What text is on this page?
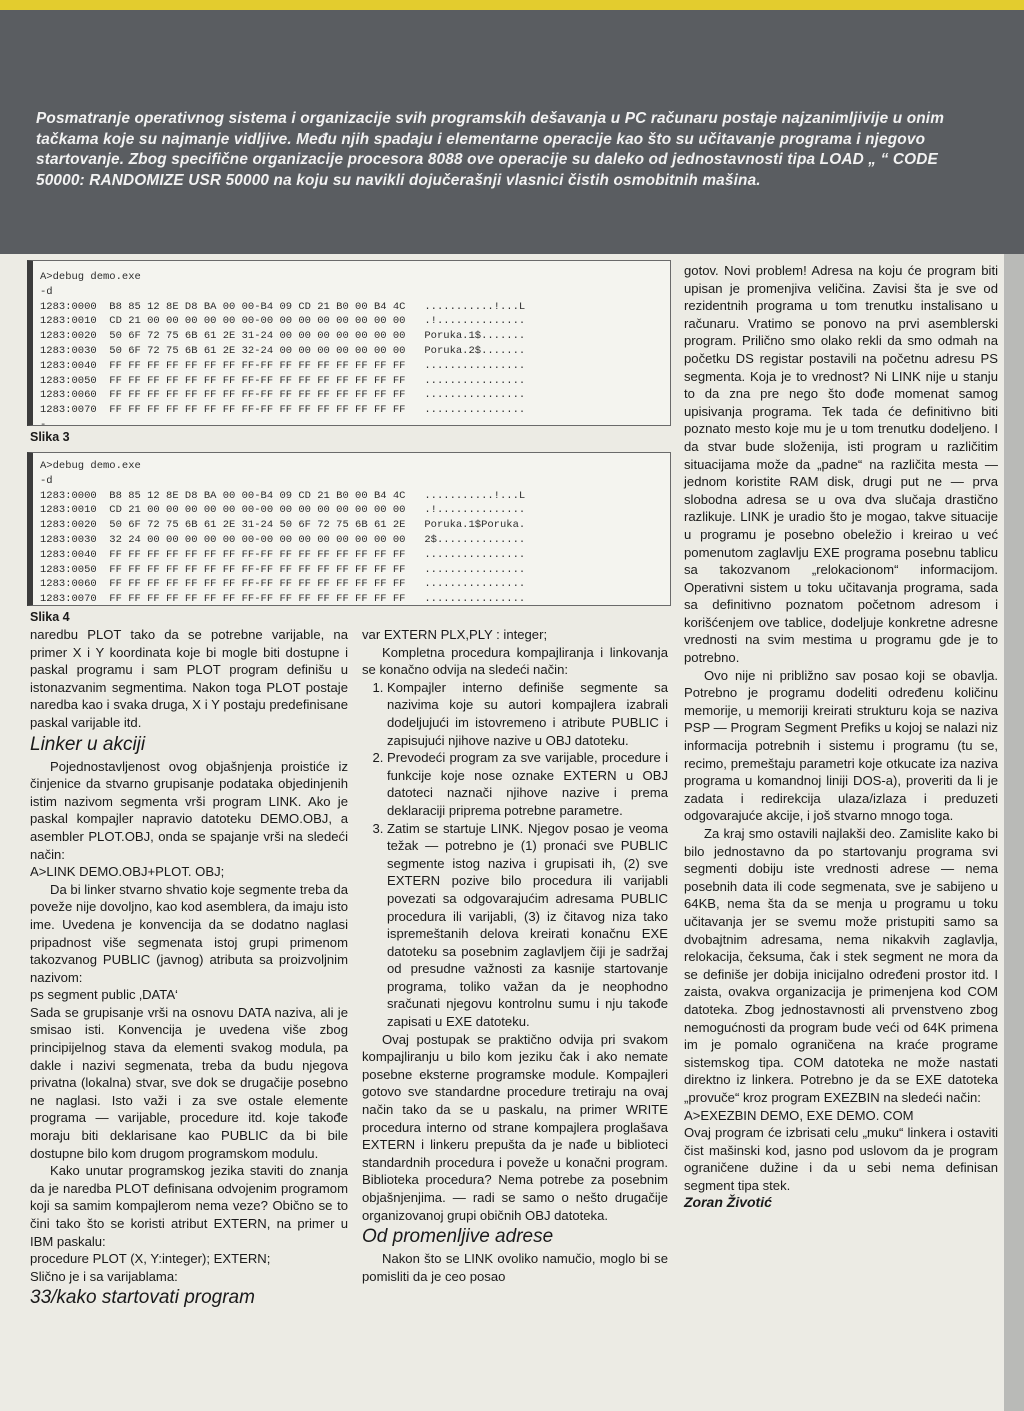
Posmatranje operativnog sistema i organizacije svih programskih dešavanja u PC računaru postaje najzanimljivije u onim tačkama koje su najmanje vidljive. Među njih spadaju i elementarne operacije kao što su učitavanje programa i njegovo startovanje. Zbog specifične organizacije procesora 8088 ove operacije su daleko od jednostavnosti tipa LOAD „ “ CODE 50000: RANDOMIZE USR 50000 na koju su navikli dojučerašnji vlasnici čistih osmobitnih mašina.

A>debug demo.exe
-d
1283:0000  B8 85 12 8E D8 BA 00 00-B4 09 CD 21 B0 00 B4 4C   ...........!...L
1283:0010  CD 21 00 00 00 00 00 00-00 00 00 00 00 00 00 00   .!..............
1283:0020  50 6F 72 75 6B 61 2E 31-24 00 00 00 00 00 00 00   Poruka.1$.......
1283:0030  50 6F 72 75 6B 61 2E 32-24 00 00 00 00 00 00 00   Poruka.2$.......
1283:0040  FF FF FF FF FF FF FF FF-FF FF FF FF FF FF FF FF   ................
1283:0050  FF FF FF FF FF FF FF FF-FF FF FF FF FF FF FF FF   ................
1283:0060  FF FF FF FF FF FF FF FF-FF FF FF FF FF FF FF FF   ................
1283:0070  FF FF FF FF FF FF FF FF-FF FF FF FF FF FF FF FF   ................
-

Slika 3

A>debug demo.exe
-d
1283:0000  B8 85 12 8E D8 BA 00 00-B4 09 CD 21 B0 00 B4 4C   ...........!...L
1283:0010  CD 21 00 00 00 00 00 00-00 00 00 00 00 00 00 00   .!..............
1283:0020  50 6F 72 75 6B 61 2E 31-24 50 6F 72 75 6B 61 2E   Poruka.1$Poruka.
1283:0030  32 24 00 00 00 00 00 00-00 00 00 00 00 00 00 00   2$..............
1283:0040  FF FF FF FF FF FF FF FF-FF FF FF FF FF FF FF FF   ................
1283:0050  FF FF FF FF FF FF FF FF-FF FF FF FF FF FF FF FF   ................
1283:0060  FF FF FF FF FF FF FF FF-FF FF FF FF FF FF FF FF   ................
1283:0070  FF FF FF FF FF FF FF FF-FF FF FF FF FF FF FF FF   ................

Slika 4

naredbu PLOT tako da se potrebne varijable, na primer X i Y koordinata koje bi mogle biti dostupne i paskal programu i sam PLOT program definišu u istonazvanim segmentima. Nakon toga PLOT postaje naredba kao i svaka druga, X i Y postaju predefinisane paskal varijable itd.

Linker u akciji

Pojednostavljenost ovog objašnjenja proistiće iz činjenice da stvarno grupisanje podataka objedinjenih istim nazivom segmenta vrši program LINK. Ako je paskal kompajler napravio datoteku DEMO.OBJ, a asembler PLOT.OBJ, onda se spajanje vrši na sledeći način:

A>LINK DEMO.OBJ+PLOT. OBJ;

Da bi linker stvarno shvatio koje segmente treba da poveže nije dovoljno, kao kod asemblera, da imaju isto ime. Uvedena je konvencija da se dodatno naglasi pripadnost više segmenata istoj grupi primenom takozvanog PUBLIC (javnog) atributa sa proizvoljnim nazivom:

ps segment public ‚DATA‘

Sada se grupisanje vrši na osnovu DATA naziva, ali je smisao isti. Konvencija je uvedena više zbog principijelnog stava da elementi svakog modula, pa dakle i nazivi segmenata, treba da budu njegova privatna (lokalna) stvar, sve dok se drugačije posebno ne naglasi. Isto važi i za sve ostale elemente programa — varijable, procedure itd. koje takođe moraju biti deklarisane kao PUBLIC da bi bile dostupne bilo kom drugom programskom modulu.

Kako unutar programskog jezika staviti do znanja da je naredba PLOT definisana odvojenim programom koji sa samim kompajlerom nema veze? Obično se to čini tako što se koristi atribut EXTERN, na primer u IBM paskalu:

procedure PLOT (X, Y:integer); EXTERN;

Slično je i sa varijablama:

33/kako startovati program

var EXTERN PLX,PLY : integer;

Kompletna procedura kompajliranja i linkovanja se konačno odvija na sledeći način:

1. Kompajler interno definiše segmente sa nazivima koje su autori kompajlera izabrali dodeljujući im istovremeno i atribute PUBLIC i zapisujući njihove nazive u OBJ datoteku.
2. Prevodeći program za sve varijable, procedure i funkcije koje nose oznake EXTERN u OBJ datoteci naznači njihove nazive i prema deklaraciji pripremа potrebne parametre.
3. Zatim se startuje LINK. Njegov posao je veoma težak — potrebno je (1) pronaći sve PUBLIC segmente istog naziva i grupisati ih, (2) sve EXTERN pozive bilo procedura ili varijabli povezati sa odgovarajućim adresama PUBLIC procedura ili varijabli, (3) iz čitavog niza tako ispremeštanih delova kreirati konačnu EXE datoteku sa posebnim zaglavljem čiji je sadržaj od presudne važnosti za kasnije startovanje programa, toliko važan da je neophodno sračunati njegovu kontrolnu sumu i nju takođe zapisati u EXE datoteku.

Ovaj postupak se praktično odvija pri svakom kompajliranju u bilo kom jeziku čak i ako nemate posebne eksterne programske module. Kompajleri gotovo sve standardne procedure tretiraju na ovaj način tako da se u paskalu, na primer WRITE procedura interno od strane kompajlera proglašava EXTERN i linkeru prepušta da je nađe u biblioteci standardnih procedura i poveže u konačni program. Biblioteka procedura? Nema potrebe za posebnim objašnjenjima. — radi se samo o nešto drugačije organizovanoj grupi običnih OBJ datoteka.

Od promenljive adrese

Nakon što se LINK ovoliko namučio, moglo bi se pomisliti da je ceo posao

gotov. Novi problem! Adresa na koju će program biti upisan je promenjiva veličina. Zavisi šta je sve od rezidentnih programa u tom trenutku instalisano u računaru. Vratimo se ponovo na prvi asemblerski program. Prilično smo olako rekli da smo odmah na početku DS registar postavili na početnu adresu PS segmenta. Koja je to vrednost? Ni LINK nije u stanju to da zna pre nego što dođe momenat samog upisivanja programa. Tek tada će definitivno biti poznato mesto koje mu je u tom trenutku dodeljeno. I da stvar bude složenija, isti program u različitim situacijama može da „padne“ na različita mesta — jednom koristite RAM disk, drugi put ne — prva slobodna adresa se u ova dva slučaja drastično razlikuje. LINK je uradio što je mogao, takve situacije u programu je posebno obeležio i kreirao u već pomenutom zaglavlju EXE programa posebnu tablicu sa takozvanom „relokacionom“ informacijom. Operativni sistem u toku učitavanja programa, sada sa definitivno poznatom početnom adresom i korišćenjem ove tablice, dodeljuje konkretne adresne vrednosti na svim mestima u programu gde je to potrebno.

Ovo nije ni približno sav posao koji se obavlja. Potrebno je programu dodeliti određenu količinu memorije, u memoriji kreirati strukturu koja se naziva PSP — Program Segment Prefiks u kojoj se nalazi niz informacija potrebnih i sistemu i programu (tu se, recimo, premeštaju parametri koje otkucate iza naziva programa u komandnoj liniji DOS-a), proveriti da li je zadata i redirekcija ulaza/izlaza i preduzeti odgovarajuće akcije, i još stvarno mnogo toga.

Za kraj smo ostavili najlakši deo. Zamislite kako bi bilo jednostavno da po startovanju programa svi segmenti dobiju iste vrednosti adrese — nema posebnih data ili code segmenata, sve je sabijeno u 64KB, nema šta da se menja u programu u toku učitavanja jer se svemu može pristupiti samo sa dvobajtnim adresama, nema nikakvih zaglavlja, relokacija, čeksuma, čak i stek segment ne mora da se definiše jer dobija inicijalno određeni prostor itd. I zaista, ovakva organizacija je primenjena kod COM datoteka. Zbog jednostavnosti ali prvenstveno zbog nemogućnosti da program bude veći od 64K primena im je pomalo ograničena na kraće programe sistemskog tipa. COM datoteka ne može nastati direktno iz linkera. Potrebno je da se EXE datoteka „provuče“ kroz program EXEZBIN na sledeći način:

A>EXEZBIN DEMO, EXE DEMO. COM

Ovaj program će izbrisati celu „muku“ linkera i ostaviti čist mašinski kod, jasno pod uslovom da je program ograničene dužine i da u sebi nema definisan segment tipa stek.

Zoran Životić
